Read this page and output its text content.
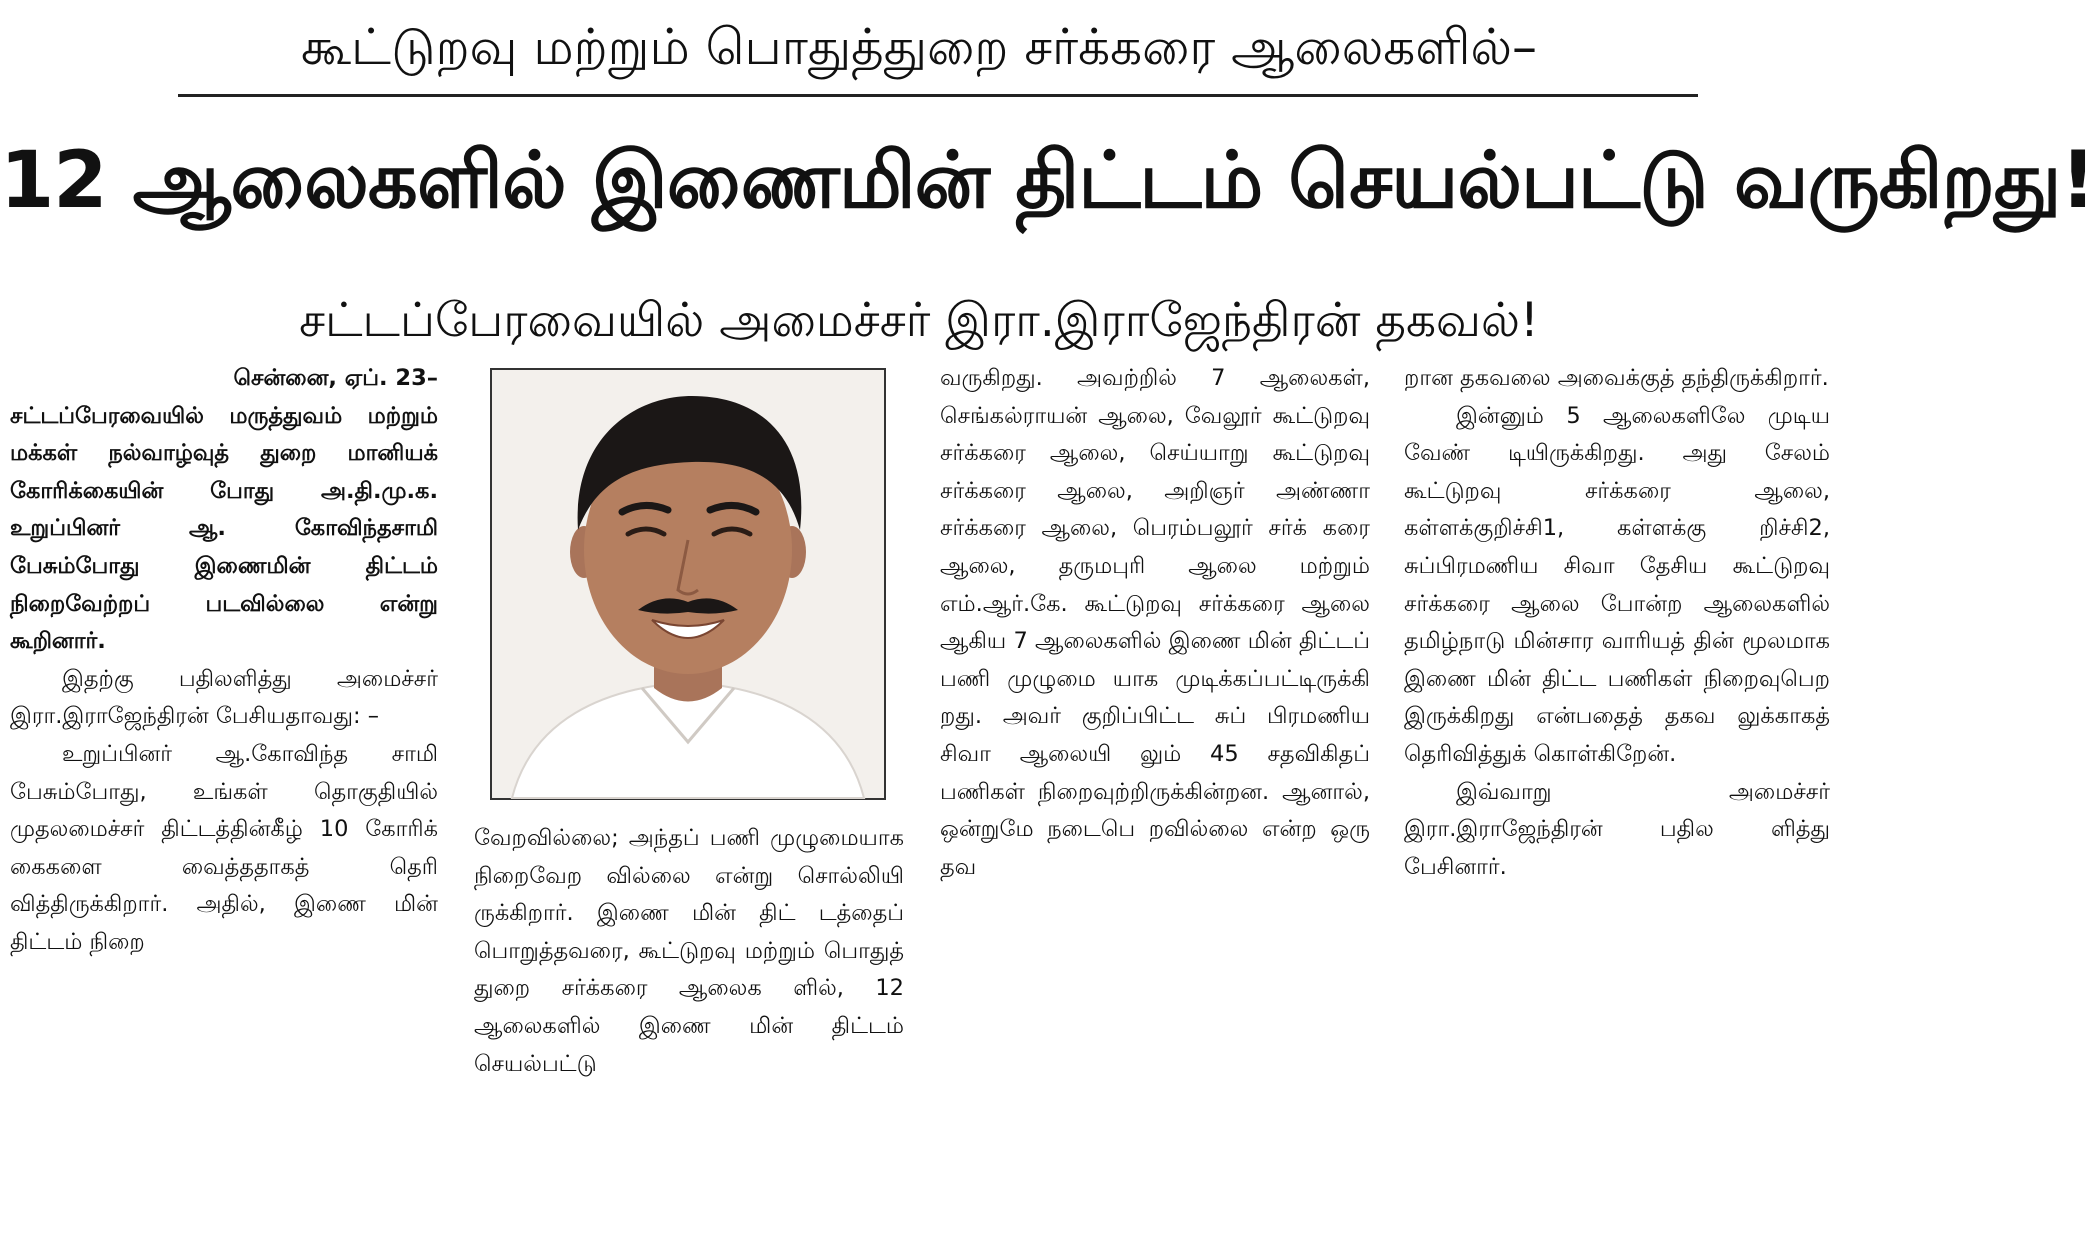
கூட்டுறவு மற்றும் பொதுத்துறை சர்க்கரை ஆலைகளில்–
12 ஆலைகளில் இணைமின் திட்டம் செயல்பட்டு வருகிறது!
சட்டப்பேரவையில் அமைச்சர் இரா.இராஜேந்திரன் தகவல்!

சென்னை, ஏப். 23–

சட்டப்பேரவையில் மருத்துவம் மற்றும் மக்கள் நல்வாழ்வுத் துறை மானியக் கோரிக்கையின் போது அ.தி.மு.க. உறுப்பினர் ஆ. கோவிந்தசாமி பேசும்போது இணைமின் திட்டம் நிறைவேற்றப் படவில்லை என்று கூறினார்.

இதற்கு பதிலளித்து அமைச்சர் இரா.இராஜேந்திரன் பேசியதாவது: –

உறுப்பினர் ஆ.கோவிந்த சாமி பேசும்போது, உங்கள் தொகுதியில் முதலமைச்சர் திட்டத்தின்கீழ் 10 கோரிக் கைகளை வைத்ததாகத் தெரி வித்திருக்கிறார். அதில், இணை மின் திட்டம் நிறை

வேறவில்லை; அந்தப் பணி முழுமையாக நிறைவேற வில்லை என்று சொல்லியி ருக்கிறார். இணை மின் திட் டத்தைப் பொறுத்தவரை, கூட்டுறவு மற்றும் பொதுத் துறை சர்க்கரை ஆலைக ளில், 12 ஆலைகளில் இணை மின் திட்டம் செயல்பட்டு

வருகிறது. அவற்றில் 7 ஆலைகள், செங்கல்ராயன் ஆலை, வேலூர் கூட்டுறவு சர்க்கரை ஆலை, செய்யாறு கூட்டுறவு சர்க்கரை ஆலை, அறிஞர் அண்ணா சர்க்கரை ஆலை, பெரம்பலூர் சர்க் கரை ஆலை, தருமபுரி ஆலை மற்றும் எம்.ஆர்.கே. கூட்டுறவு சர்க்கரை ஆலை ஆகிய 7 ஆலைகளில் இணை மின் திட்டப் பணி முழுமை யாக முடிக்கப்பட்டிருக்கி றது. அவர் குறிப்பிட்ட சுப் பிரமணிய சிவா ஆலையி லும் 45 சதவிகிதப் பணிகள் நிறைவுற்றிருக்கின்றன. ஆனால், ஒன்றுமே நடைபெ றவில்லை என்ற ஒரு தவ

றான தகவலை அவைக்குத் தந்திருக்கிறார்.

இன்னும் 5 ஆலைகளிலே முடிய வேண் டியிருக்கிறது. அது சேலம் கூட்டுறவு சர்க்கரை ஆலை, கள்ளக்குறிச்சி1, கள்ளக்கு றிச்சி2, சுப்பிரமணிய சிவா தேசிய கூட்டுறவு சர்க்கரை ஆலை போன்ற ஆலைகளில் தமிழ்நாடு மின்சார வாரியத் தின் மூலமாக இணை மின் திட்ட பணிகள் நிறைவுபெற இருக்கிறது என்பதைத் தகவ லுக்காகத் தெரிவித்துக் கொள்கிறேன்.

இவ்வாறு அமைச்சர் இரா.இராஜேந்திரன் பதில ளித்து பேசினார்.
